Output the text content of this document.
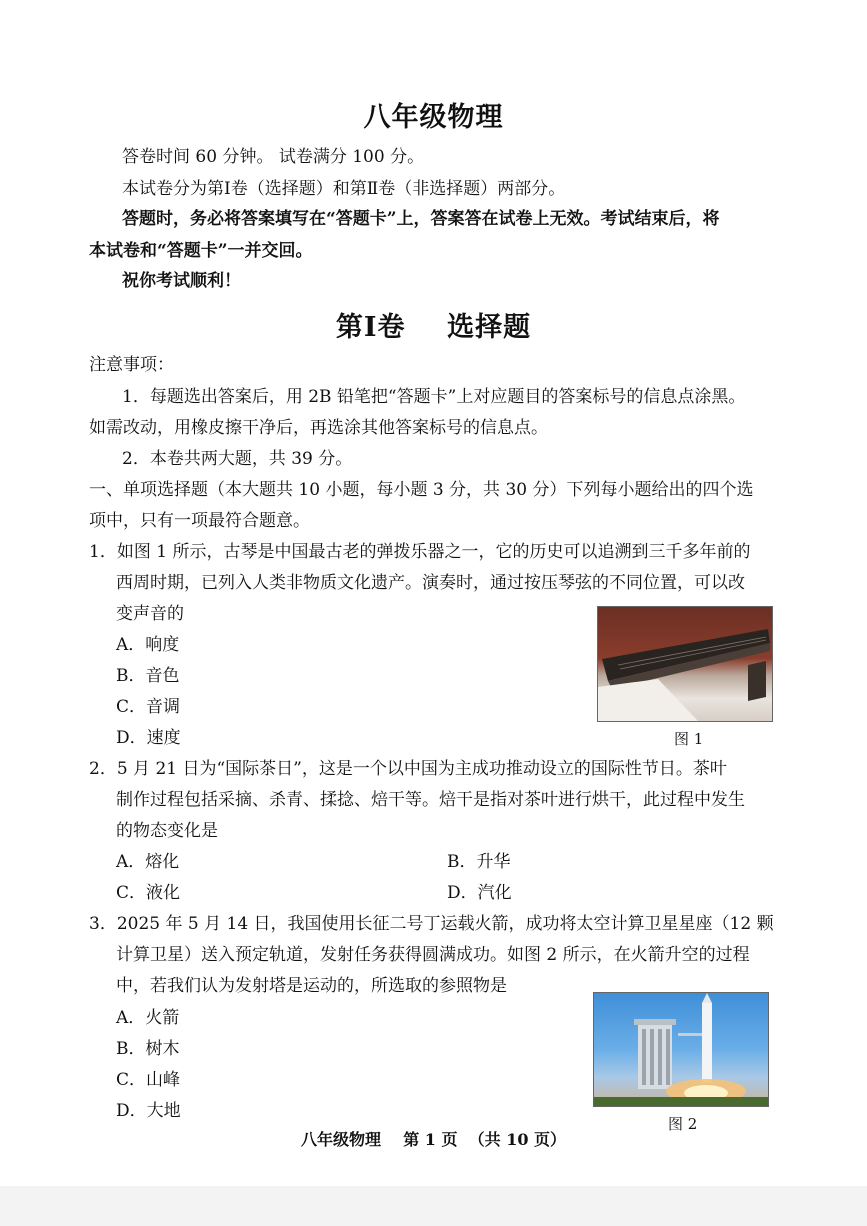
八年级物理
答卷时间 60 分钟。 试卷满分 100 分。
本试卷分为第Ⅰ卷（选择题）和第Ⅱ卷（非选择题）两部分。
答题时，务必将答案填写在“答题卡”上，答案答在试卷上无效。考试结束后，将
本试卷和“答题卡”一并交回。
祝你考试顺利！
第Ⅰ卷    选择题
注意事项：
1．每题选出答案后，用 2B 铅笔把“答题卡”上对应题目的答案标号的信息点涂黑。
如需改动，用橡皮擦干净后，再选涂其他答案标号的信息点。
2．本卷共两大题，共 39 分。
一、单项选择题（本大题共 10 小题，每小题 3 分，共 30 分）下列每小题给出的四个选
项中，只有一项最符合题意。
1．如图 1 所示，古琴是中国最古老的弹拨乐器之一，它的历史可以追溯到三千多年前的
西周时期，已列入人类非物质文化遗产。演奏时，通过按压琴弦的不同位置，可以改
变声音的
A．响度
B．音色
C．音调
D．速度	图 1
2．5 月 21 日为“国际茶日”，这是一个以中国为主成功推动设立的国际性节日。茶叶
制作过程包括采摘、杀青、揉捻、焙干等。焙干是指对茶叶进行烘干，此过程中发生
的物态变化是
A．熔化	B．升华
C．液化	D．汽化
3．2025 年 5 月 14 日，我国使用长征二号丁运载火箭，成功将太空计算卫星星座（12 颗
计算卫星）送入预定轨道，发射任务获得圆满成功。如图 2 所示，在火箭升空的过程
中，若我们认为发射塔是运动的，所选取的参照物是
A．火箭
B．树木
C．山峰
D．大地
图 2
八年级物理    第 1 页  （共 10 页）
